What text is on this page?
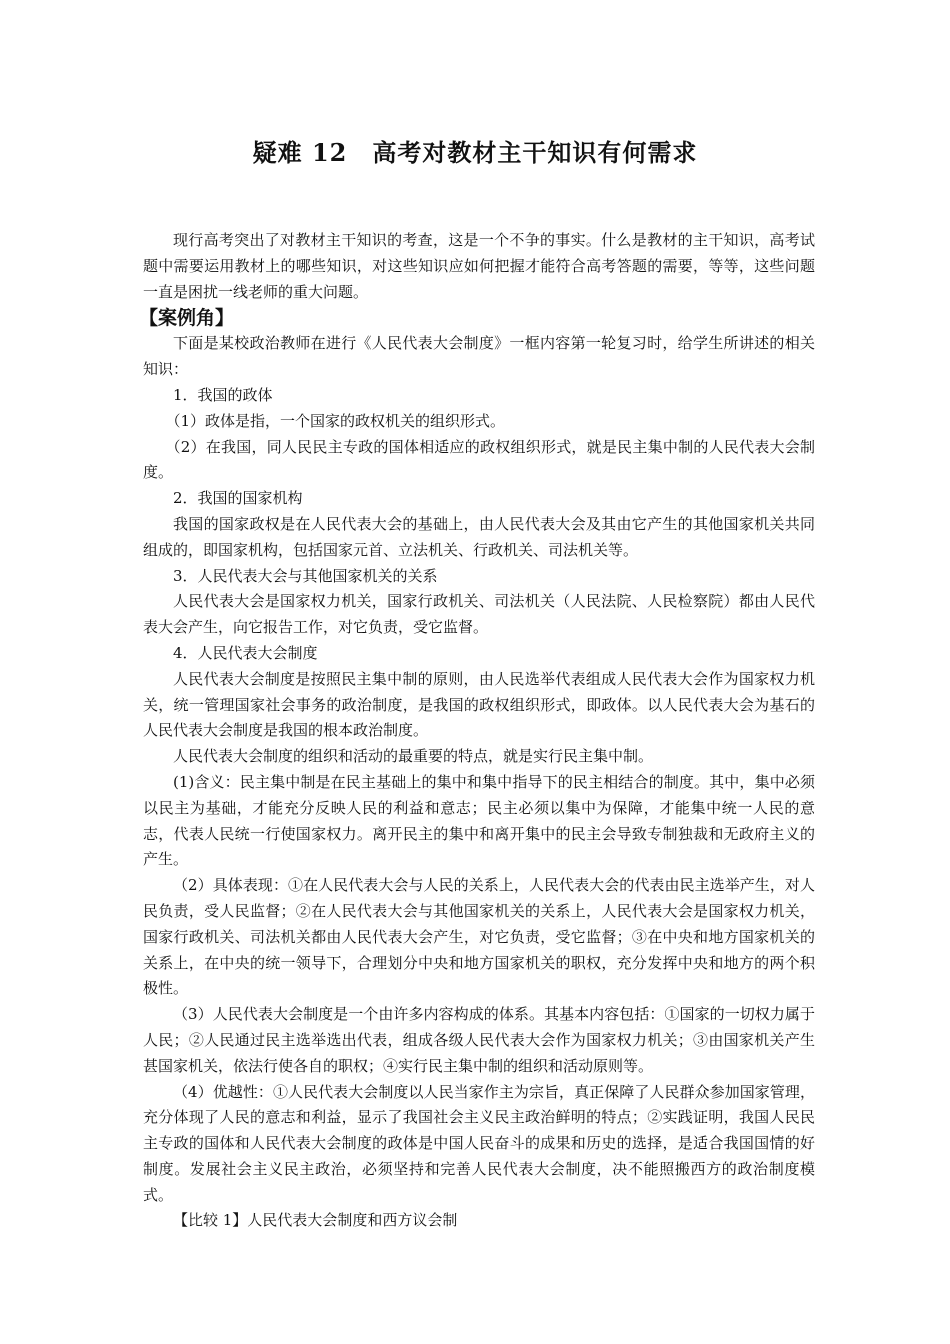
疑难 12　高考对教材主干知识有何需求

现行高考突出了对教材主干知识的考查，这是一个不争的事实。什么是教材的主干知识，高考试题中需要运用教材上的哪些知识，对这些知识应如何把握才能符合高考答题的需要，等等，这些问题一直是困扰一线老师的重大问题。

【案例角】

下面是某校政治教师在进行《人民代表大会制度》一框内容第一轮复习时，给学生所讲述的相关知识：

1．我国的政体

（1）政体是指，一个国家的政权机关的组织形式。

（2）在我国，同人民民主专政的国体相适应的政权组织形式，就是民主集中制的人民代表大会制度。

2．我国的国家机构

我国的国家政权是在人民代表大会的基础上，由人民代表大会及其由它产生的其他国家机关共同组成的，即国家机构，包括国家元首、立法机关、行政机关、司法机关等。

3．人民代表大会与其他国家机关的关系

人民代表大会是国家权力机关，国家行政机关、司法机关（人民法院、人民检察院）都由人民代表大会产生，向它报告工作，对它负责，受它监督。

4．人民代表大会制度

人民代表大会制度是按照民主集中制的原则，由人民选举代表组成人民代表大会作为国家权力机关，统一管理国家社会事务的政治制度，是我国的政权组织形式，即政体。以人民代表大会为基石的人民代表大会制度是我国的根本政治制度。

人民代表大会制度的组织和活动的最重要的特点，就是实行民主集中制。

(1)含义：民主集中制是在民主基础上的集中和集中指导下的民主相结合的制度。其中，集中必须以民主为基础，才能充分反映人民的利益和意志；民主必须以集中为保障，才能集中统一人民的意志，代表人民统一行使国家权力。离开民主的集中和离开集中的民主会导致专制独裁和无政府主义的产生。

（2）具体表现：①在人民代表大会与人民的关系上，人民代表大会的代表由民主选举产生，对人民负责，受人民监督；②在人民代表大会与其他国家机关的关系上，人民代表大会是国家权力机关，国家行政机关、司法机关都由人民代表大会产生，对它负责，受它监督；③在中央和地方国家机关的关系上，在中央的统一领导下，合理划分中央和地方国家机关的职权，充分发挥中央和地方的两个积极性。

（3）人民代表大会制度是一个由许多内容构成的体系。其基本内容包括：①国家的一切权力属于人民；②人民通过民主选举选出代表，组成各级人民代表大会作为国家权力机关；③由国家机关产生甚国家机关，依法行使各自的职权；④实行民主集中制的组织和活动原则等。

（4）优越性：①人民代表大会制度以人民当家作主为宗旨，真正保障了人民群众参加国家管理，充分体现了人民的意志和利益，显示了我国社会主义民主政治鲜明的特点；②实践证明，我国人民民主专政的国体和人民代表大会制度的政体是中国人民奋斗的成果和历史的选择，是适合我国国情的好制度。发展社会主义民主政治，必须坚持和完善人民代表大会制度，决不能照搬西方的政治制度模式。

【比较 1】人民代表大会制度和西方议会制
